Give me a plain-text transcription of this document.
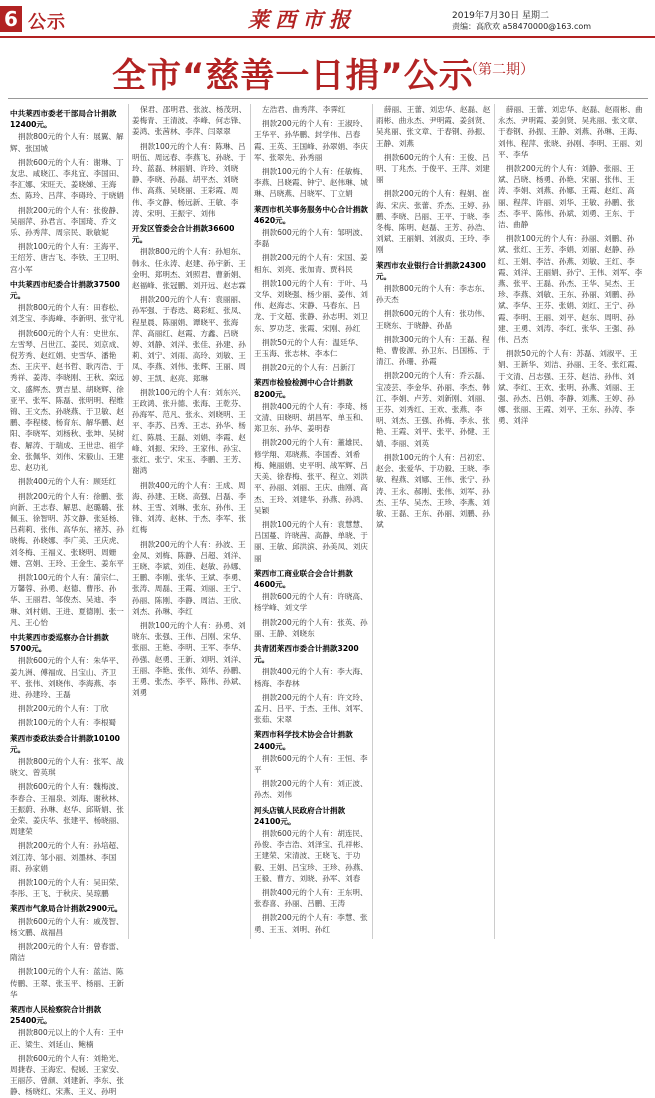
6 公示	莱西市报	2019年7月30日 星期二
责编：高欣欢 a58470000@163.com
全市“慈善一日捐”公示
（第二期）
中共莱西市委老干部局合计捐款12400元。
捐款800元的个人有：展翼、解辉、张国城
捐款600元的个人有：谢琳、丁友忠、咸晓江、李兆宜、李国田、李汇娜、宋旺天、姜晓娣、王海杰、陈玲、吕萍、李碍玲、于晓娟
捐款200元的个人有：张俊静、吴丽萍、孙君言、李国琦、乔文乐、孙秀萍、周宗民、耿敏妮
捐款100元的个人有：王海平、王绍芳、唐吉飞、李铁、王卫明、宫小军
中共莱西市纪委合计捐款37500元。
捐款800元的个人有：田春松、刘芝宝、李海峰、李新明、张守礼
捐款600元的个人有：史世东、左雪琴、吕世江、姜民、刘京成、倪芳秀、赵红娟、史雪华、潘艳杰、王庆平、赵书哲、耿丙浩、于秀祥、姜涛、李晓刚、王秋、栾远文、盛辉杰、贾吉星、胡晓辉、徐亚平、张军、陈磊、张明明、程维锦、王文杰、孙晓燕、于卫敏、赵鹏、李程楼、杨育东、解华鹏、赵阳、李晓军、刘杨秋、张坤、吴树春、解涛、于瑞成、王世忠、祖学金、张佩华、刘伟、宋毅山、王建忠、赵功礼
捐款400元的个人有：顾廷红
捐款200元的个人有：徐鹏、张向新、王志春、解思、赵璐璐、张佩玉、徐智明、苏文静、张延杨、吕莉莉、张伟、高华东、褚苏、孙晓梅、孙晓娜、李广美、王庆虎、刘冬梅、王福义、张晓明、周姗姗、宫娟、王玲、王金生、姜东平
捐款100元的个人有：蒲宗仁、万馨蓉、孙勇、赵德、曹彤、孙华、王丽君、邹俊杰、吴迪、李琳、刘村娟、王进、夏德刚、张一凡、王心怡
中共莱西市委巡察办合计捐款5700元。
捐款600元的个人有：朱华平、姜九洲、傅福成、吕宝山、齐卫平、张伟、刘晓伟、李海燕、李进、孙建玲、王磊
捐款200元的个人有：丁欣
捐款100元的个人有：李根蜀
莱西市委政法委合计捐款10100元。
捐款800元的个人有：张军、战晓文、曾英琪
捐款600元的个人有：魏梅波、李春合、王福泉、刘海、谢秋林、王振蔚、孙琳、赵华、邱斯娟、张金荣、姜庆华、张建平、杨晓丽、周建荣
捐款200元的个人有：孙培超、刘江涛、邹小丽、刘墨林、李国雨、孙家娟
捐款100元的个人有：吴田荣、李彤、王飞、于秋庆、吴琼鹏
莱西市气象局合计捐款2900元。
捐款600元的个人有：戚茂智、杨文鹏、战福昌
捐款200元的个人有：曾春雷、隋洁
捐款100元的个人有：蓝洁、陈传鹏、王翠、张玉平、杨丽、王新华
莱西市人民检察院合计捐款25400元。
捐款800元以上的个人有：王中正、梁生、刘延山、鲍楠
捐款600元的个人有：刘艳光、周捷春、王海宏、倪媛、王家安、王丽莎、曾颜、刘建新、李东、张静、杨晓红、宋燕、王义、孙明
保君、邵明君、张波、杨茂玥、姜梅青、王清波、李峰、何志锋、姜鸿、张茜林、李萍、闫翠翠
捐款100元的个人有：陈琳、吕明伍、周远春、李燕飞、孙晓、于玲、蓝磊、林丽娟、许玲、刘晓静、李晓、孙磊、胡平杰、刘晓伟、高燕、吴晓丽、王彩霞、周伟、李文静、杨远新、王敏、李涛、宋明、王振宇、刘伟
开发区管委会合计捐款36600元。
捐款800元的个人有：孙旭东、韩永、任永涛、赵建、孙宇新、王金明、郑明杰、刘照君、曹新娟、赵福峰、张冠鹏、刘开远、赵志霖
捐款200元的个人有：袁丽丽、孙军强、于春迭、葛彩虹、张凤、程星晨、陈丽娟、谭晓平、张海萍、高丽红、赵霞、方鑫、吕晓婷、刘静、刘洋、张佳、孙建、孙莉、刘宁、刘雨、高玲、刘敏、王凤、李燕、刘伟、张辉、王丽、周婷、王凯、赵亮、郑琳
捐款100元的个人有：刘东兴、王政鸿、张升德、张海、王乾芬、孙海军、范凡、张永、刘晓明、王平、李苏、吕秀、王志、孙华、杨红、陈晨、王磊、刘娟、李霞、赵峰、刘振、宋玲、王家伟、孙宝、张红、张宁、宋玉、李鹏、王芳、谢鸿
捐款400元的个人有：王成、周海、孙建、王晓、高强、吕磊、李林、王雪、刘琳、张东、孙伟、王锋、刘涛、赵林、于杰、李军、张红梅
捐款200元的个人有：孙波、王金凤、刘梅、陈静、吕超、刘洋、王晓、李斌、刘佳、赵敏、孙娜、王鹏、李刚、张华、王斌、李勇、张涛、周磊、王霞、刘丽、王宁、孙丽、陈刚、李静、周洁、王欣、刘杰、孙琳、李红
捐款100元的个人有：孙勇、刘晓东、张强、王伟、吕刚、宋华、张丽、王艳、李明、王军、李华、孙强、赵勇、王新、刘明、刘洋、王丽、李艳、张伟、刘华、孙鹏、王勇、张杰、李平、陈伟、孙斌、刘勇
左浩君、曲秀萍、李霁红
捐款200元的个人有：王淑玲、王华平、孙华鹏、封学伟、吕春霞、王英、王国峰、孙翠娟、李庆军、张翠先、孙秀丽
捐款100元的个人有：任敏梅、李燕、吕晓霞、钟宁、赵伟琳、城琳、吕晓燕、吕晓军、丁立娟
莱西市机关事务服务中心合计捐款4620元。
捐款600元的个人有：邹明波、李磊
捐款200元的个人有：宋国、姜相东、刘亮、张加青、贾科民
捐款100元的个人有：于叶、马文华、刘晓强、杨少丽、姜伟、刘伟、赵海志、宋静、马春东、吕龙、于文超、张静、孙志明、刘卫东、罗功芝、张霞、宋刚、孙红
捐款50元的个人有：温廷华、王玉海、张志林、李本仁
捐款20元的个人有：吕新汀
莱西市检验检测中心合计捐款8200元。
捐款400元的个人有：李琦、杨文清、田晓明、胡昌军、单玉和、郑卫东、孙华、姜明春
捐款200元的个人有：董雄民、修学翔、邓晓燕、李国香、刘希梅、鲍丽娟、史平明、战军辉、吕天美、徐春梅、张平、程立、刘洪平、孙丽、刘丽、王庆、曲刚、高杰、王玲、刘建华、孙燕、孙鸿、吴颖
捐款100元的个人有：袁慧慧、吕国蔓、许晓茜、高静、单晓、于丽、王敏、邱洪滨、孙美凤、刘庆丽
莱西市工商业联合会合计捐款4600元。
捐款600元的个人有：许晓高、杨学峰、刘文学
捐款200元的个人有：张英、孙丽、王静、刘晓东
共青团莱西市委合计捐款3200元。
捐款400元的个人有：李大海、杨海、李春林
捐款200元的个人有：许文玲、孟月、吕平、于杰、王伟、刘军、张茹、宋翠
莱西市科学技术协会合计捐款2400元。
捐款600元的个人有：王恒、李平
捐款200元的个人有：刘正波、孙杰、刘伟
河头店镇人民政府合计捐款24100元。
捐款600元的个人有：胡连民、孙俊、李吉浩、刘泽宝、孔祥彬、王建荣、宋清波、王晓飞、于功毅、王娟、吕宝珍、王珍、孙燕、王毅、曹方、刘晓、孙军、刘春
捐款400元的个人有：王东明、张春喜、孙丽、吕鹏、王涛
捐款200元的个人有：李慧、张勇、王玉、刘明、孙红
薛丽、王蕾、刘忠华、赵磊、赵雨彬、曲永杰、尹明霞、姜剑贤、吴兆丽、张文章、于春钢、孙振、王静、刘燕
捐款600元的个人有：王俊、吕明、丁兆杰、于俊平、王萍、刘建丽
捐款200元的个人有：程娟、崔海、宋庆、张蕾、乔杰、王婷、孙鹏、李晓、吕丽、王平、于晓、李冬梅、陈明、赵磊、王芳、孙浩、刘斌、王丽娟、刘淑贞、王玲、李刚
莱西市农业银行合计捐款24300元。
捐款800元的个人有：李志东、孙天杰
捐款600元的个人有：张功伟、王晓东、于晓静、孙晶
捐款300元的个人有：王磊、程艳、曹俊源、孙卫东、吕国栋、于清江、孙珊、孙霞
捐款200元的个人有：乔云磊、宝凌芸、李金华、孙丽、李杰、韩江、李娟、卢芳、刘新刚、刘丽、王芬、刘秀红、王欢、张燕、李明、刘杰、王强、孙梅、李永、张艳、王霞、刘平、张平、孙健、王婧、李丽、刘英
捐款100元的个人有：吕初宏、赵会、张爱华、于功毅、王晓、李敏、程燕、刘娜、王伟、张宁、孙涛、王永、郝刚、张伟、刘军、孙杰、王华、吴杰、王珍、李燕、刘敏、王磊、王东、孙丽、刘鹏、孙斌
薛丽、王蕾、刘忠华、赵磊、赵雨彬、曲永杰、尹明霞、姜剑贤、吴兆丽、张文章、于春钢、孙振、王静、刘燕、孙琳、王海、刘伟、程萍、张晓、孙刚、李明、王丽、刘平、李华
捐款200元的个人有：刘静、张丽、王斌、吕晓、杨勇、孙艳、宋丽、张伟、王涛、李娟、刘燕、孙娜、王霞、赵红、高丽、程萍、许丽、刘华、王敏、孙鹏、张杰、李平、陈伟、孙斌、刘勇、王东、于洁、曲静
捐款100元的个人有：孙丽、刘鹏、孙斌、张红、王芳、李娟、刘丽、赵静、孙红、王娟、李洁、孙燕、刘敏、王红、李霞、刘洋、王丽娟、孙宁、王伟、刘军、李燕、张平、王磊、孙杰、王华、吴杰、王珍、李燕、刘敏、王东、孙丽、刘鹏、孙斌、李华、王芬、张娟、刘红、王宁、孙霞、李明、王丽、刘平、赵东、周明、孙建、王勇、刘涛、李红、张华、王强、孙伟、吕杰
捐款50元的个人有：苏磊、刘淑平、王娟、王新华、刘洁、孙丽、王冬、张红霞、于文清、吕志强、王芬、赵洁、孙伟、刘斌、李红、王欢、张明、孙燕、刘丽、王强、孙杰、吕娟、李静、刘燕、王婷、孙娜、张丽、王霞、刘平、王东、孙涛、李勇、刘洋
